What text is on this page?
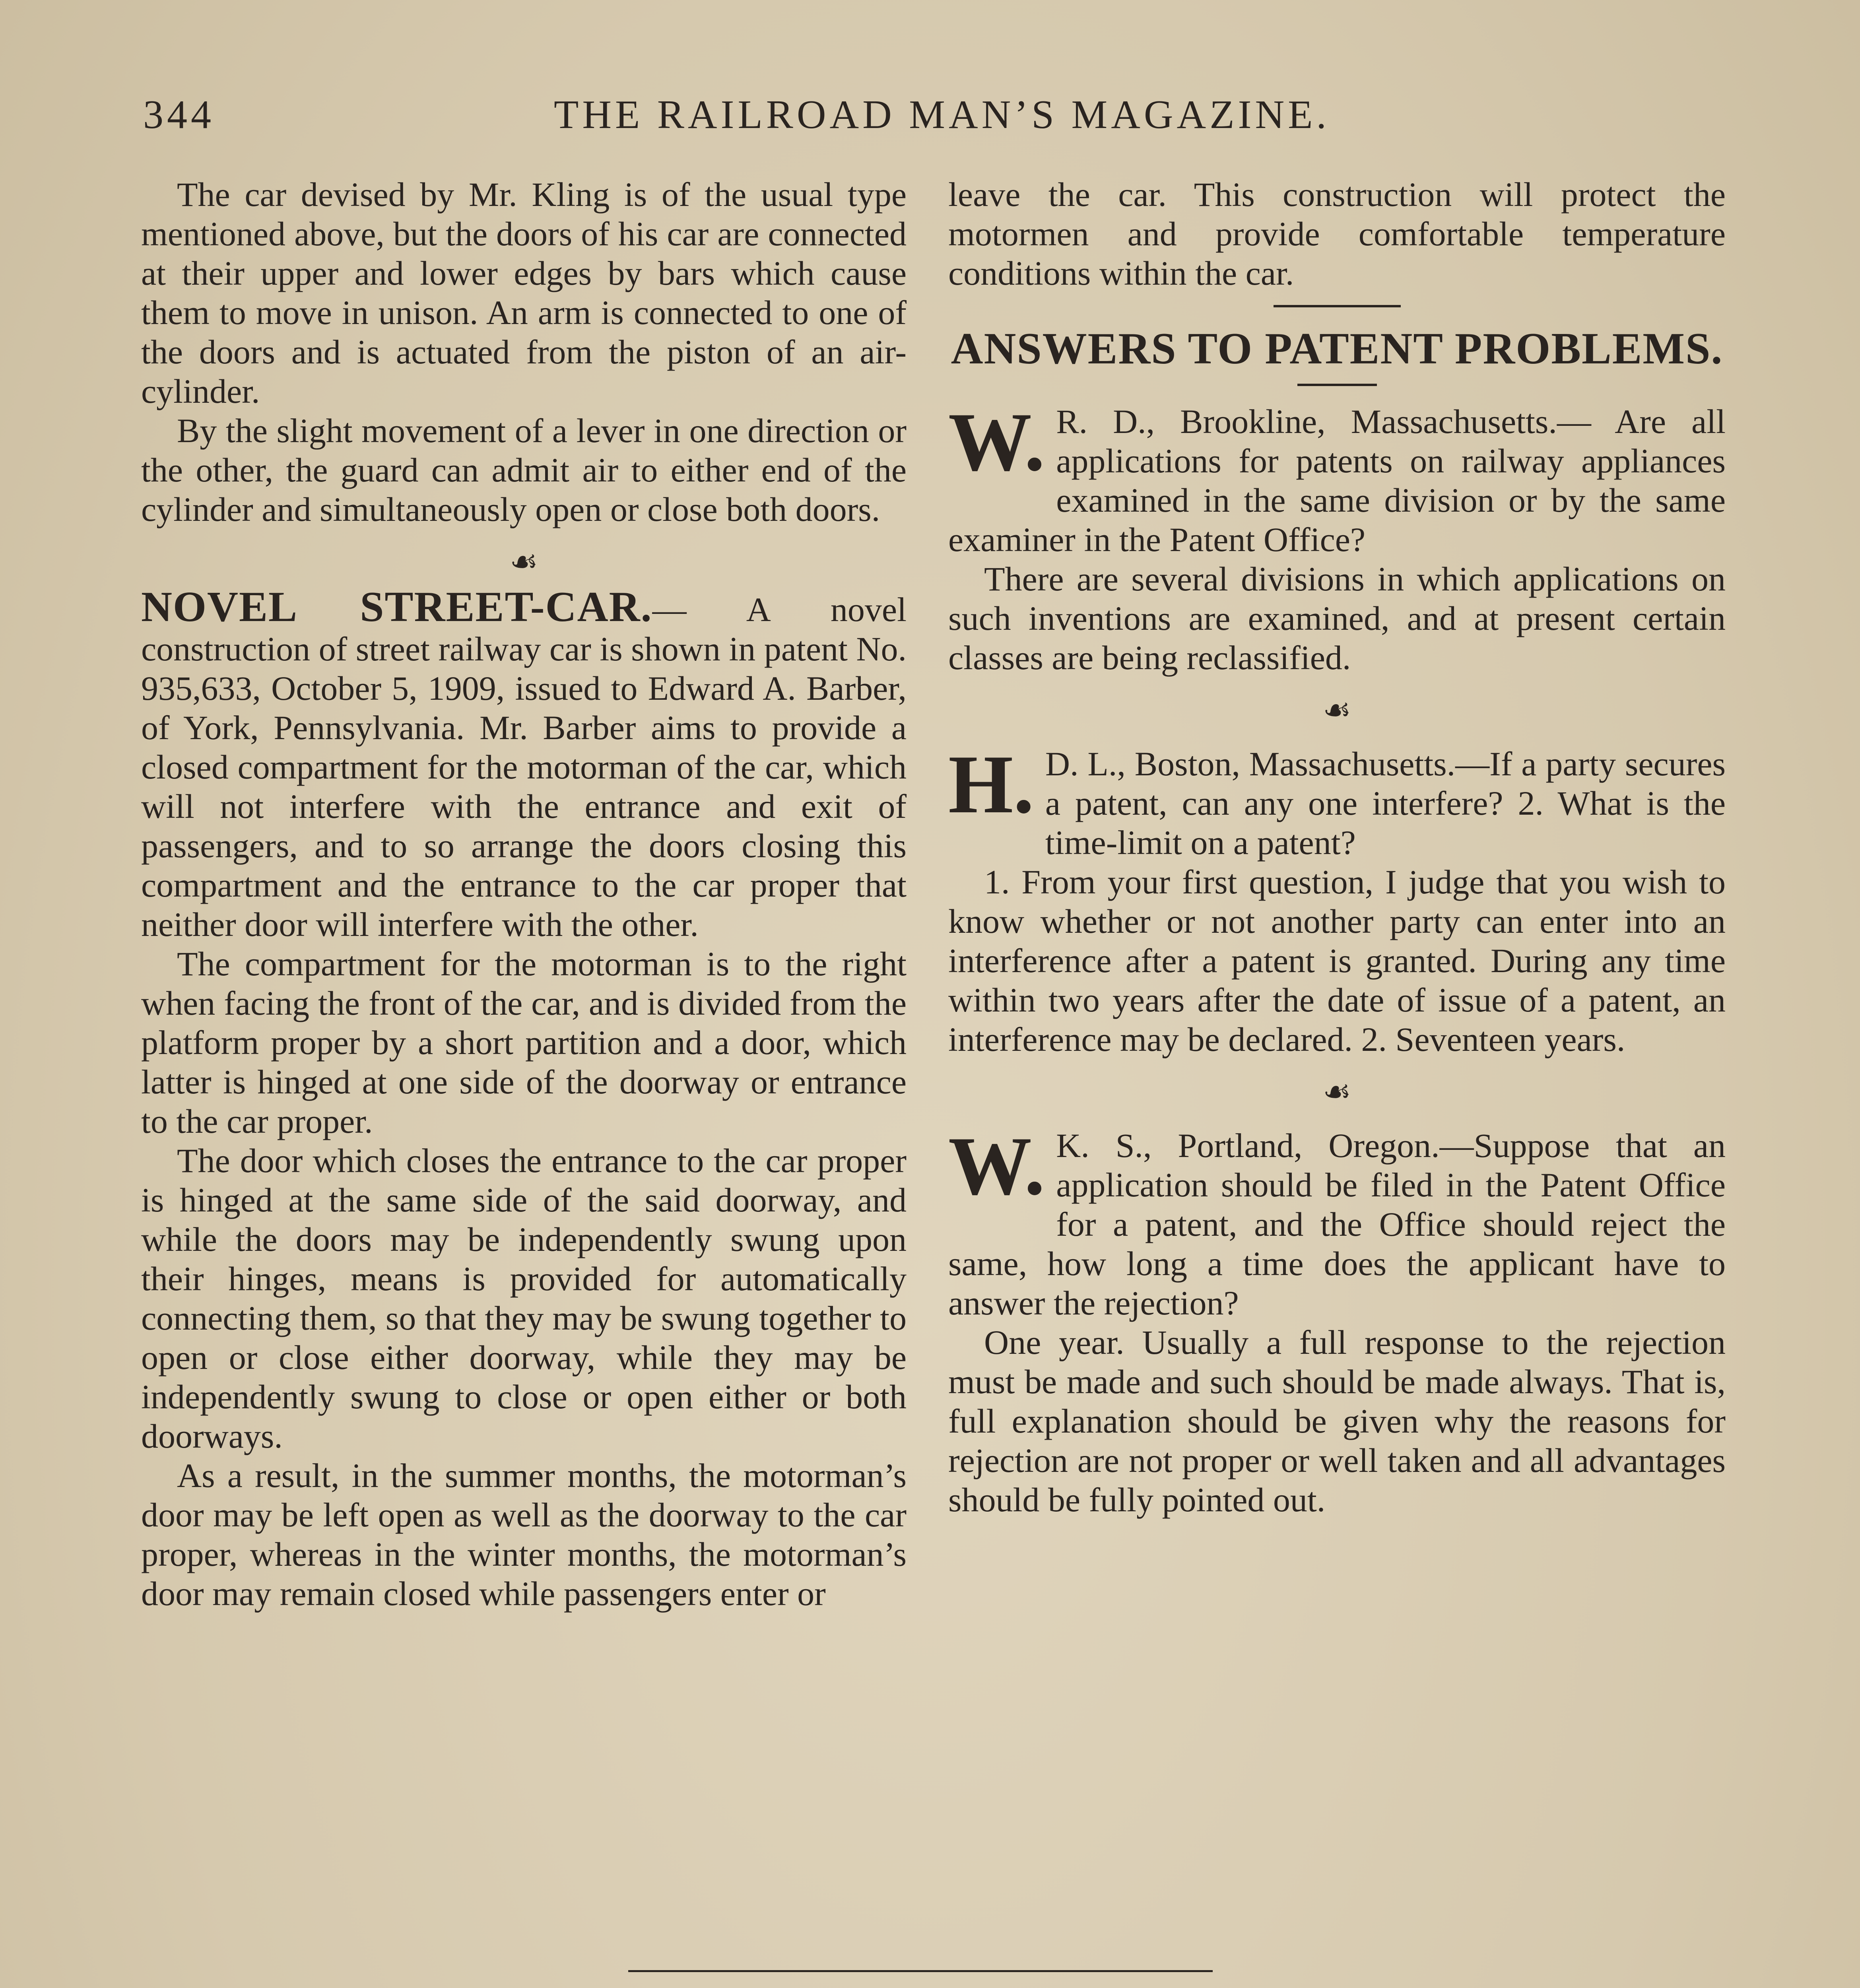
344	THE RAILROAD MAN’S MAGAZINE.

The car devised by Mr. Kling is of the usual type mentioned above, but the doors of his car are connected at their upper and lower edges by bars which cause them to move in unison. An arm is connected to one of the doors and is actuated from the piston of an air-cylinder.

By the slight movement of a lever in one direction or the other, the guard can admit air to either end of the cylinder and simultaneously open or close both doors.

☙

NOVEL STREET-CAR.— A novel construction of street railway car is shown in patent No. 935,633, October 5, 1909, issued to Edward A. Barber, of York, Pennsylvania. Mr. Barber aims to provide a closed compartment for the motorman of the car, which will not interfere with the entrance and exit of passengers, and to so arrange the doors closing this compartment and the entrance to the car proper that neither door will interfere with the other.

The compartment for the motorman is to the right when facing the front of the car, and is divided from the platform proper by a short partition and a door, which latter is hinged at one side of the doorway or entrance to the car proper.

The door which closes the entrance to the car proper is hinged at the same side of the said doorway, and while the doors may be independently swung upon their hinges, means is provided for automatically connecting them, so that they may be swung together to open or close either doorway, while they may be independently swung to close or open either or both doorways.

As a result, in the summer months, the motorman’s door may be left open as well as the doorway to the car proper, whereas in the winter months, the motorman’s door may remain closed while passengers enter or

leave the car. This construction will protect the motormen and provide comfortable temperature conditions within the car.

ANSWERS TO PATENT PROBLEMS.
W. R. D., Brookline, Massachusetts.— Are all applications for patents on railway appliances examined in the same division or by the same examiner in the Patent Office?

There are several divisions in which applications on such inventions are examined, and at present certain classes are being reclassified.

☙
H. D. L., Boston, Massachusetts.—If a party secures a patent, can any one interfere? 2. What is the time-limit on a patent?

1. From your first question, I judge that you wish to know whether or not another party can enter into an interference after a patent is granted. During any time within two years after the date of issue of a patent, an interference may be declared. 2. Seventeen years.

☙
W. K. S., Portland, Oregon.—Suppose that an application should be filed in the Patent Office for a patent, and the Office should reject the same, how long a time does the applicant have to answer the rejection?

One year. Usually a full response to the rejection must be made and such should be made always. That is, full explanation should be given why the reasons for rejection are not proper or well taken and all advantages should be fully pointed out.
